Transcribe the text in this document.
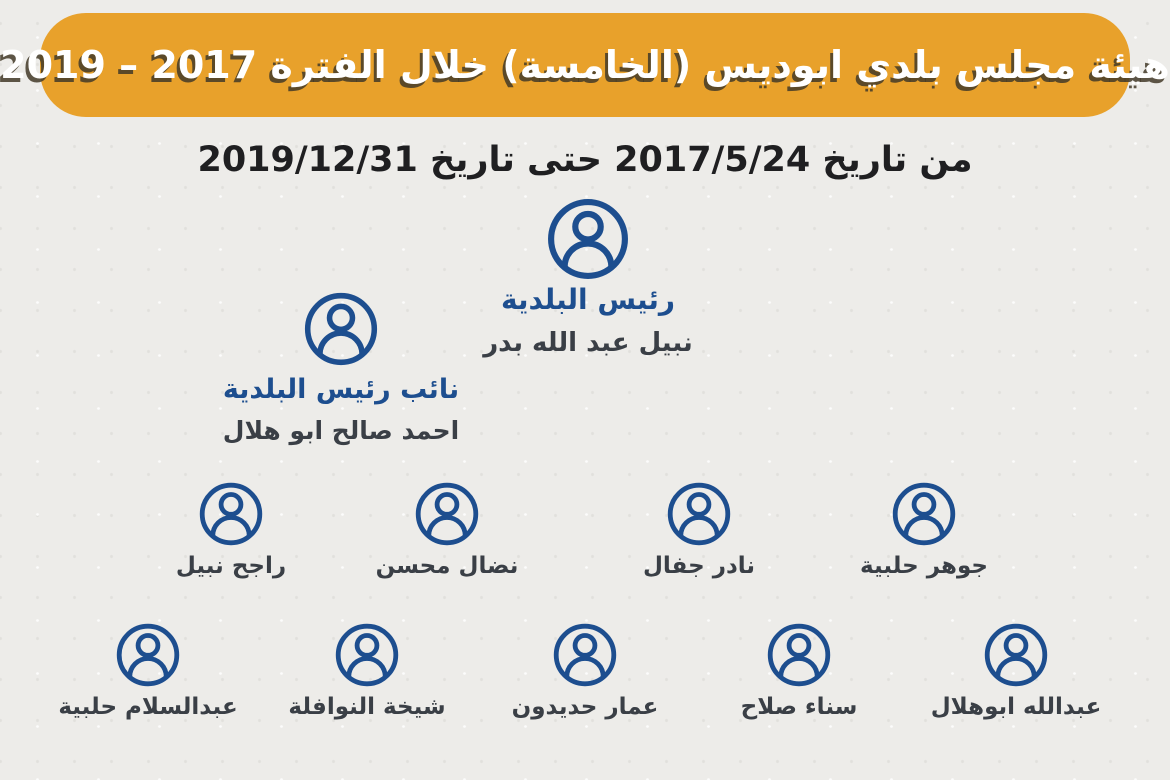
هيئة مجلس بلدي ابوديس (الخامسة) خلال الفترة 2017 – 2019
من تاريخ 2017/5/24 حتى تاريخ 2019/12/31
رئيس البلدية
نبيل عبد الله بدر
نائب رئيس البلدية
احمد صالح ابو هلال
راجح نبيل	نضال محسن	نادر جفال	جوهر حلبية
عبدالسلام حلبية شيخة النوافلة	عمار حديدون	سناء صلاح	عبدالله ابوهلال
